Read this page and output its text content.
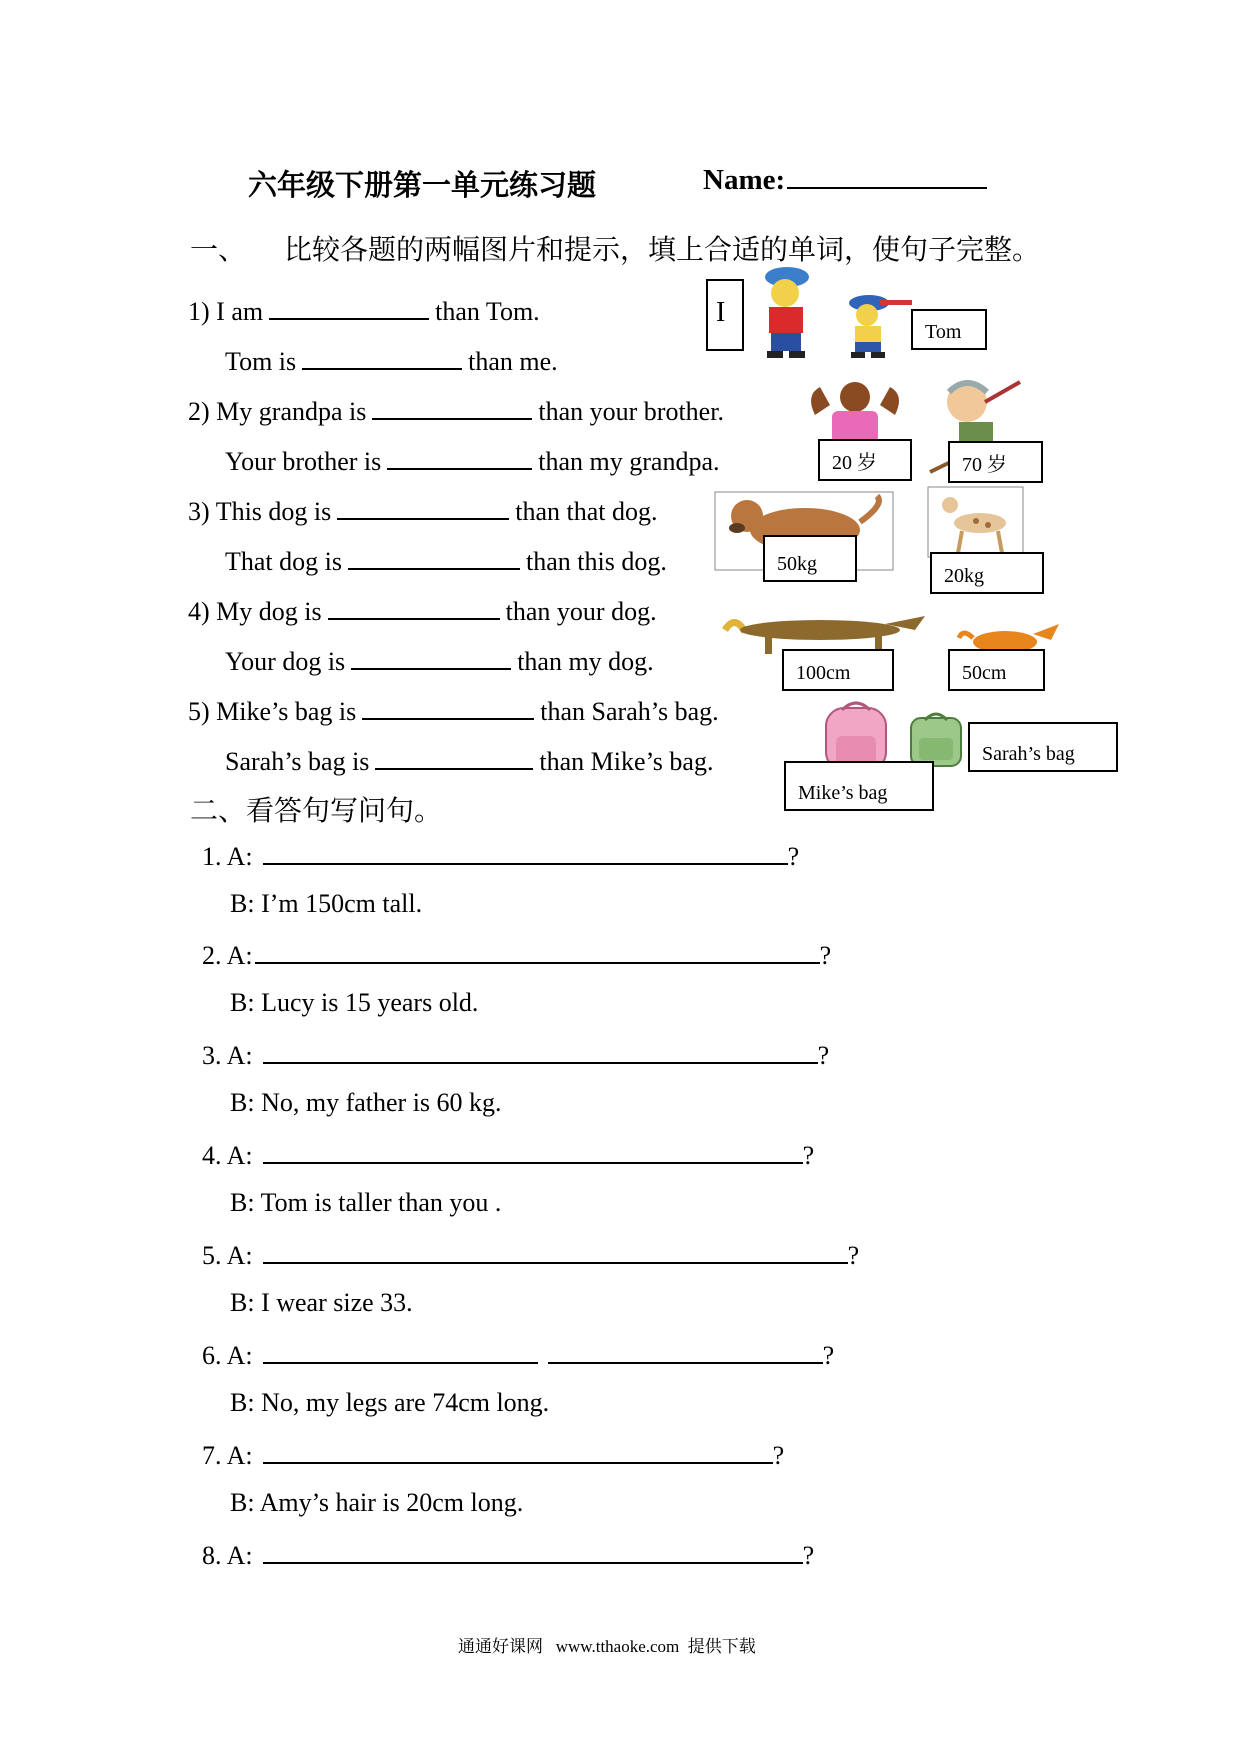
六年级下册第一单元练习题	Name:
一、 比较各题的两幅图片和提示，填上合适的单词，使句子完整。
1) I am	than Tom.
Tom is	than me.
2) My grandpa is	than your brother.
Your brother is	than my grandpa.
3) This dog is	than that dog.
That dog is	than this dog.
4) My dog is	than your dog.
Your dog is	than my dog.
5) Mike’s bag is	than Sarah’s bag.
Sarah’s bag is	than Mike’s bag.
I
Tom
20 岁	70 岁
50kg
20kg
100cm	50cm
Sarah’s bag
Mike’s bag
二、看答句写问句。
1. A:	?
B: I’m 150cm tall.
2. A:	?
B: Lucy is 15 years old.
3. A:	?
B: No, my father is 60 kg.
4. A:	?
B: Tom is taller than you .
5. A:	?
B: I wear size 33.
6. A:	?
B: No, my legs are 74cm long.
7. A:	?
B: Amy’s hair is 20cm long.
8. A:	?
通通好课网 www.tthaoke.com 提供下载
